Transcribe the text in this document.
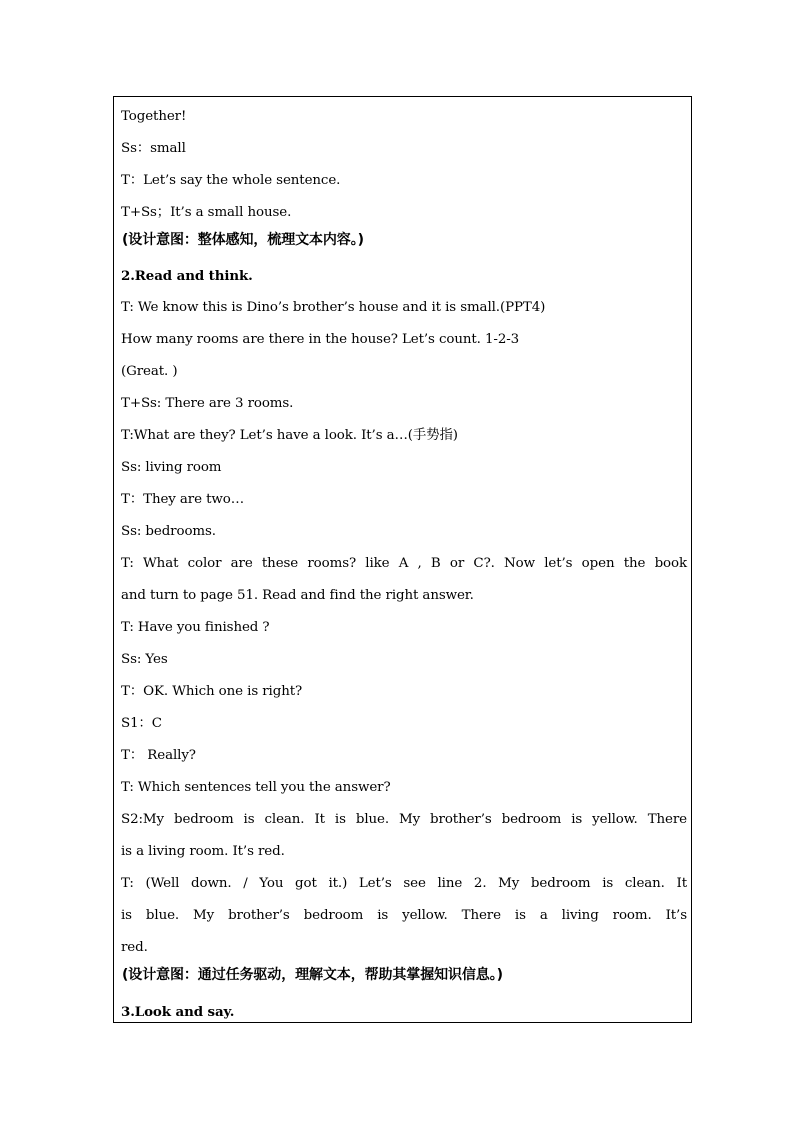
Together!
Ss：small
T：Let’s say the whole sentence.
T+Ss；It’s a small house.
(设计意图：整体感知，梳理文本内容。)
2.Read and think.
T: We know this is Dino’s brother’s house and it is small.(PPT4)
How many rooms are there in the house? Let’s count. 1-2-3
(Great. )
T+Ss: There are 3 rooms.
T:What are they? Let’s have a look. It’s a…(手势指)
Ss: living room
T：They are two…
Ss: bedrooms.
T: What color are these rooms? like A , B or C?. Now let’s open the book
and turn to page 51. Read and find the right answer.
T: Have you finished ?
Ss: Yes
T：OK. Which one is right?
S1：C
T： Really?
T: Which sentences tell you the answer?
S2:My bedroom is clean. It is blue. My brother’s bedroom is yellow. There
is a living room. It’s red.
T: (Well down. / You got it.) Let’s see line 2. My bedroom is clean. It
is blue. My brother’s bedroom is yellow. There is a living room. It’s
red.
(设计意图：通过任务驱动，理解文本，帮助其掌握知识信息。)
3.Look and say.
